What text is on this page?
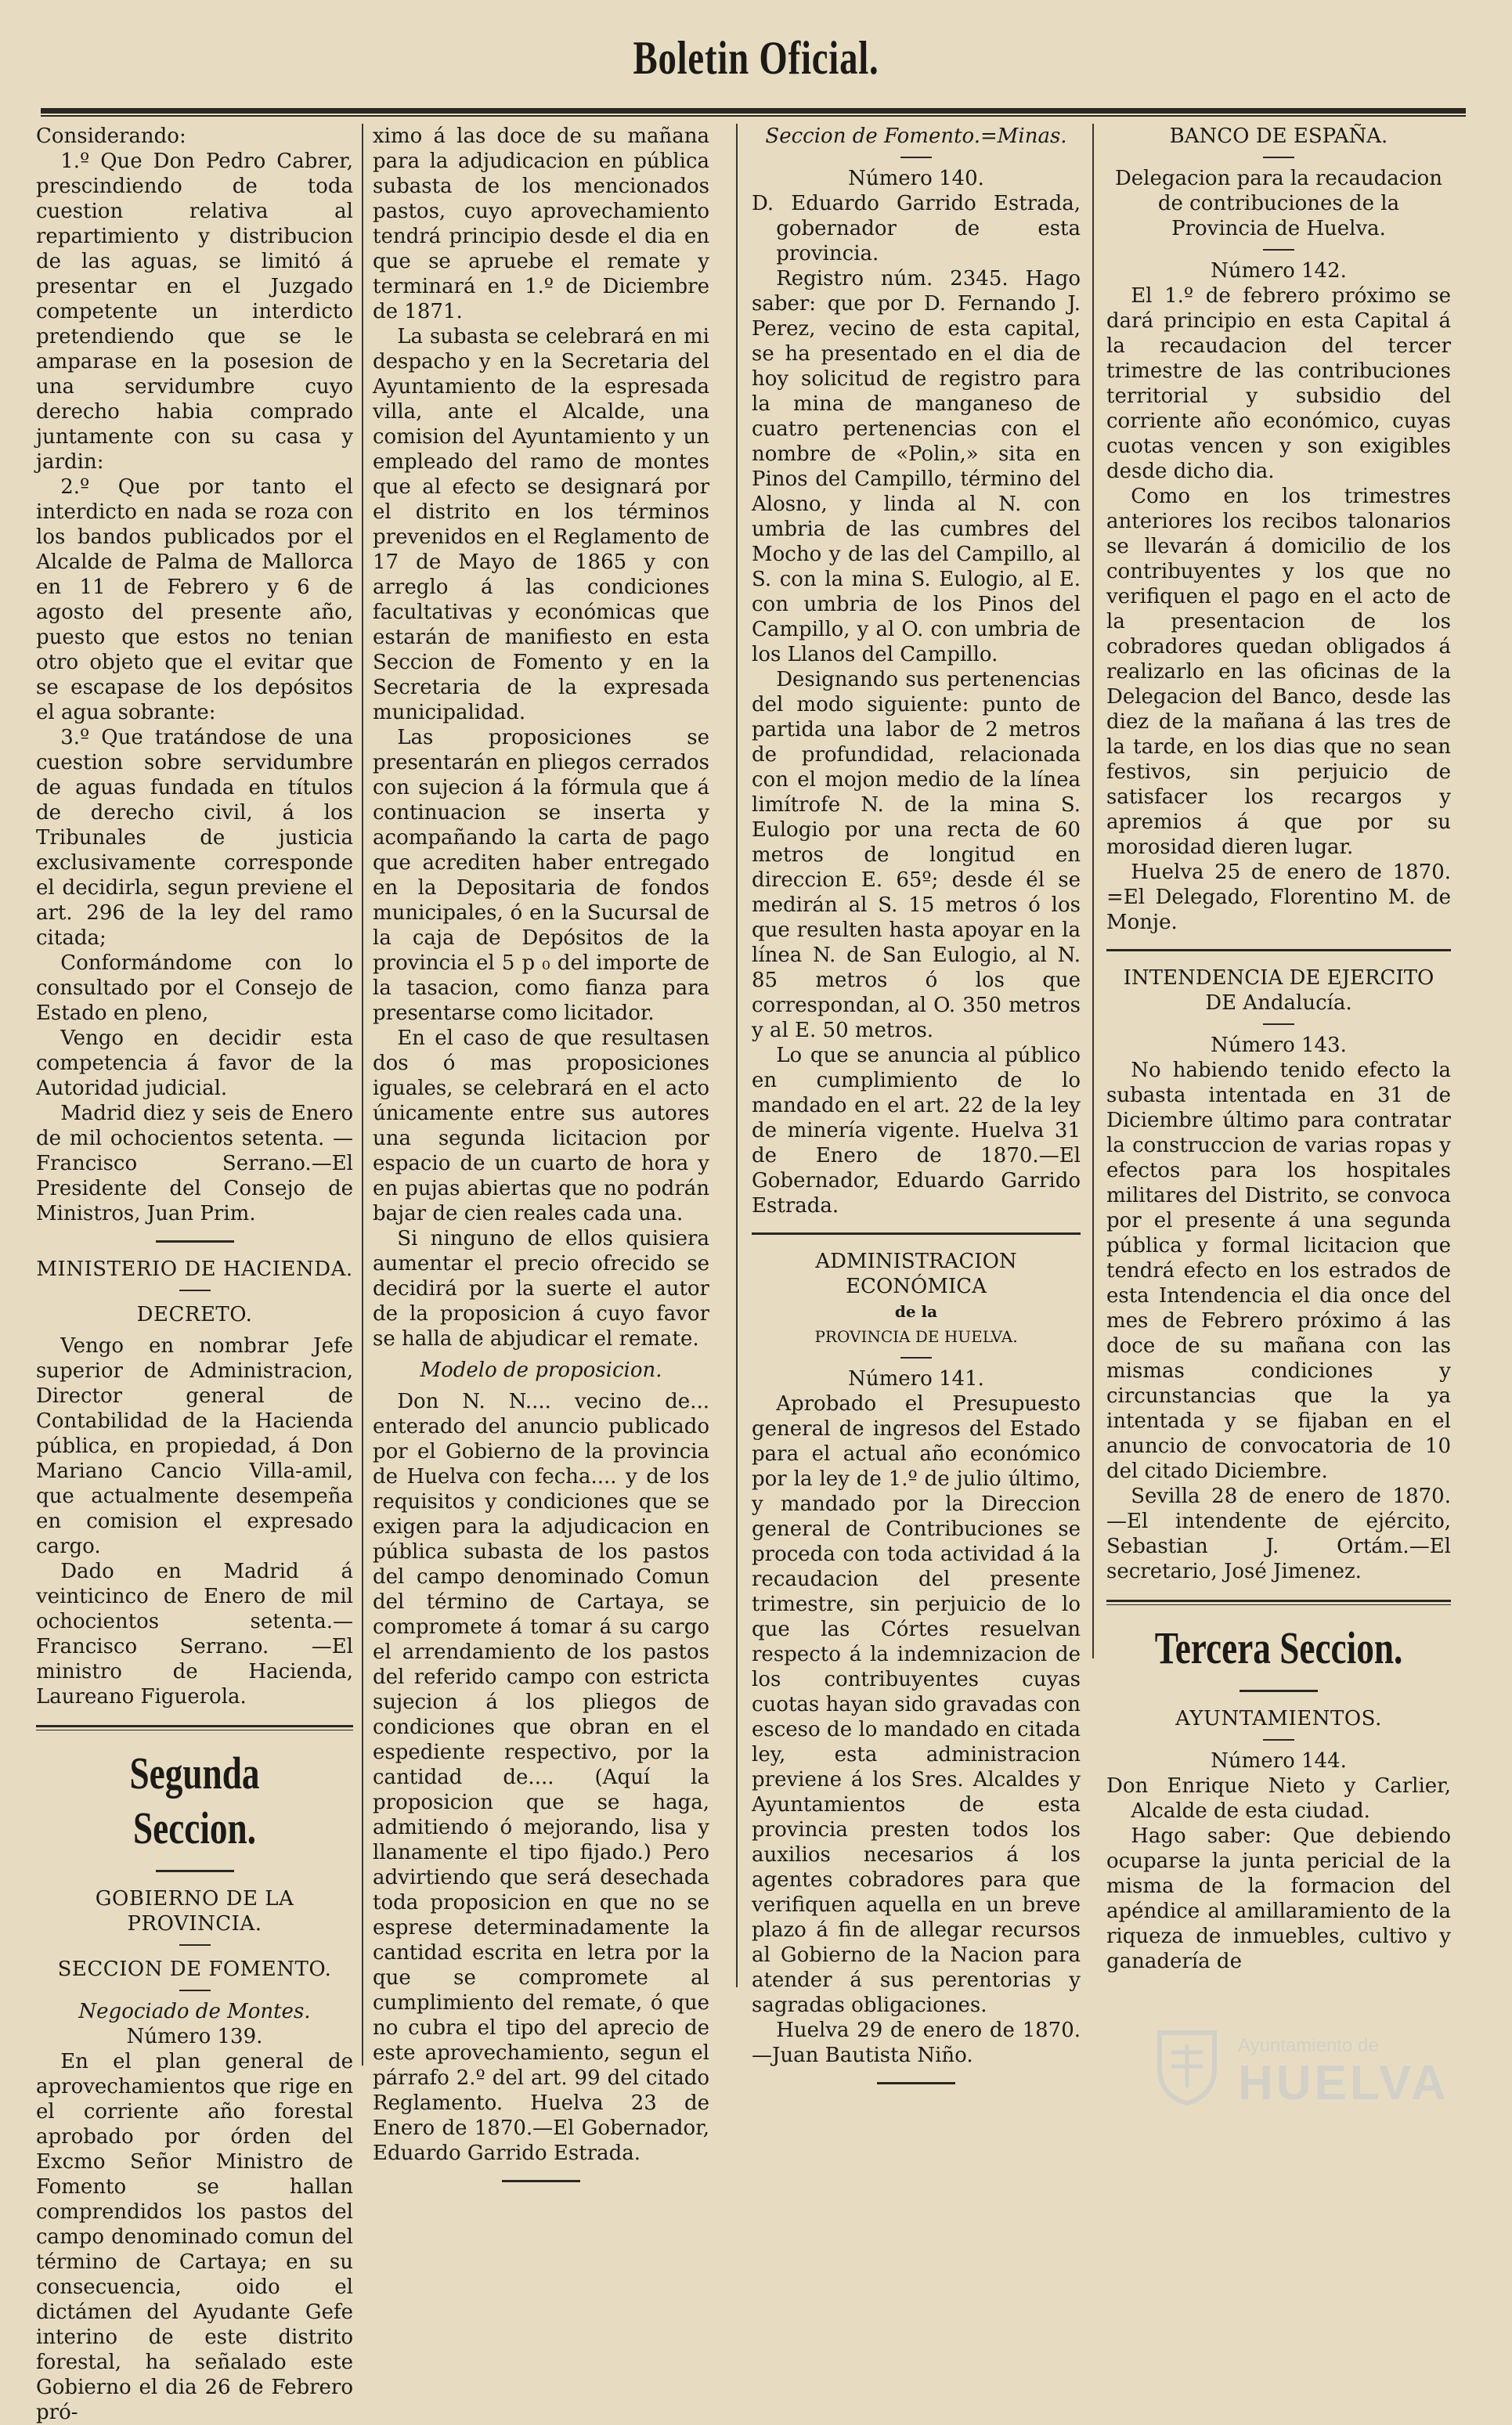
Boletin Oficial.

Considerando:

1.º Que Don Pedro Cabrer, prescindiendo de toda cuestion relativa al repartimiento y distribucion de las aguas, se limitó á presentar en el Juzgado competente un interdicto pretendiendo que se le amparase en la posesion de una servidumbre cuyo derecho habia comprado juntamente con su casa y jardin:

2.º Que por tanto el interdicto en nada se roza con los bandos publicados por el Alcalde de Palma de Mallorca en 11 de Febrero y 6 de agosto del presente año, puesto que estos no tenian otro objeto que el evitar que se escapase de los depósitos el agua sobrante:

3.º Que tratándose de una cuestion sobre servidumbre de aguas fundada en títulos de derecho civil, á los Tribunales de justicia exclusivamente corresponde el decidirla, segun previene el art. 296 de la ley del ramo citada;

Conformándome con lo consultado por el Consejo de Estado en pleno,

Vengo en decidir esta competencia á favor de la Autoridad judicial.

Madrid diez y seis de Enero de mil ochocientos setenta. —Francisco Serrano.—El Presidente del Consejo de Ministros, Juan Prim.

MINISTERIO DE HACIENDA.
DECRETO.

Vengo en nombrar Jefe superior de Administracion, Director general de Contabilidad de la Hacienda pública, en propiedad, á Don Mariano Cancio Villa-amil, que actualmente desempeña en comision el expresado cargo.

Dado en Madrid á veinticinco de Enero de mil ochocientos setenta.—Francisco Serrano. —El ministro de Hacienda, Laureano Figuerola.

Segunda Seccion.
GOBIERNO DE LA PROVINCIA.
SECCION DE FOMENTO.
Negociado de Montes.
Número 139.

En el plan general de aprovechamientos que rige en el corriente año forestal aprobado por órden del Excmo Señor Ministro de Fomento se hallan comprendidos los pastos del campo denominado comun del término de Cartaya; en su consecuencia, oido el dictámen del Ayudante Gefe interino de este distrito forestal, ha señalado este Gobierno el dia 26 de Febrero pró-

ximo á las doce de su mañana para la adjudicacion en pública subasta de los mencionados pastos, cuyo aprovechamiento tendrá principio desde el dia en que se apruebe el remate y terminará en 1.º de Diciembre de 1871.

La subasta se celebrará en mi despacho y en la Secretaria del Ayuntamiento de la espresada villa, ante el Alcalde, una comision del Ayuntamiento y un empleado del ramo de montes que al efecto se designará por el distrito en los términos prevenidos en el Reglamento de 17 de Mayo de 1865 y con arreglo á las condiciones facultativas y económicas que estarán de manifiesto en esta Seccion de Fomento y en la Secretaria de la expresada municipalidad.

Las proposiciones se presentarán en pliegos cerrados con sujecion á la fórmula que á continuacion se inserta y acompañando la carta de pago que acrediten haber entregado en la Depositaria de fondos municipales, ó en la Sucursal de la caja de Depósitos de la provincia el 5 p ₀ del importe de la tasacion, como fianza para presentarse como licitador.

En el caso de que resultasen dos ó mas proposiciones iguales, se celebrará en el acto únicamente entre sus autores una segunda licitacion por espacio de un cuarto de hora y en pujas abiertas que no podrán bajar de cien reales cada una.

Si ninguno de ellos quisiera aumentar el precio ofrecido se decidirá por la suerte el autor de la proposicion á cuyo favor se halla de abjudicar el remate.

Modelo de proposicion.

Don N. N.... vecino de... enterado del anuncio publicado por el Gobierno de la provincia de Huelva con fecha.... y de los requisitos y condiciones que se exigen para la adjudicacion en pública subasta de los pastos del campo denominado Comun del término de Cartaya, se compromete á tomar á su cargo el arrendamiento de los pastos del referido campo con estricta sujecion á los pliegos de condiciones que obran en el espediente respectivo, por la cantidad de.... (Aquí la proposicion que se haga, admitiendo ó mejorando, lisa y llanamente el tipo fijado.) Pero advirtiendo que será desechada toda proposicion en que no se esprese determinadamente la cantidad escrita en letra por la que se compromete al cumplimiento del remate, ó que no cubra el tipo del aprecio de este aprovechamiento, segun el párrafo 2.º del art. 99 del citado Reglamento. Huelva 23 de Enero de 1870.—El Gobernador, Eduardo Garrido Estrada.

Seccion de Fomento.=Minas.
Número 140.

D. Eduardo Garrido Estrada, gobernador de esta provincia.

Registro núm. 2345. Hago saber: que por D. Fernando J. Perez, vecino de esta capital, se ha presentado en el dia de hoy solicitud de registro para la mina de manganeso de cuatro pertenencias con el nombre de «Polin,» sita en Pinos del Campillo, término del Alosno, y linda al N. con umbria de las cumbres del Mocho y de las del Campillo, al S. con la mina S. Eulogio, al E. con umbria de los Pinos del Campillo, y al O. con umbria de los Llanos del Campillo.

Designando sus pertenencias del modo siguiente: punto de partida una labor de 2 metros de profundidad, relacionada con el mojon medio de la línea limítrofe N. de la mina S. Eulogio por una recta de 60 metros de longitud en direccion E. 65º; desde él se medirán al S. 15 metros ó los que resulten hasta apoyar en la línea N. de San Eulogio, al N. 85 metros ó los que correspondan, al O. 350 metros y al E. 50 metros.

Lo que se anuncia al público en cumplimiento de lo mandado en el art. 22 de la ley de minería vigente. Huelva 31 de Enero de 1870.—El Gobernador, Eduardo Garrido Estrada.

ADMINISTRACION ECONÓMICA
de la
PROVINCIA DE HUELVA.
Número 141.

Aprobado el Presupuesto general de ingresos del Estado para el actual año económico por la ley de 1.º de julio último, y mandado por la Direccion general de Contribuciones se proceda con toda actividad á la recaudacion del presente trimestre, sin perjuicio de lo que las Córtes resuelvan respecto á la indemnizacion de los contribuyentes cuyas cuotas hayan sido gravadas con esceso de lo mandado en citada ley, esta administracion previene á los Sres. Alcaldes y Ayuntamientos de esta provincia presten todos los auxilios necesarios á los agentes cobradores para que verifiquen aquella en un breve plazo á fin de allegar recursos al Gobierno de la Nacion para atender á sus perentorias y sagradas obligaciones.

Huelva 29 de enero de 1870. —Juan Bautista Niño.

BANCO DE ESPAÑA.
Delegacion para la recaudacion de contribuciones de la Provincia de Huelva.
Número 142.

El 1.º de febrero próximo se dará principio en esta Capital á la recaudacion del tercer trimestre de las contribuciones territorial y subsidio del corriente año económico, cuyas cuotas vencen y son exigibles desde dicho dia.

Como en los trimestres anteriores los recibos talonarios se llevarán á domicilio de los contribuyentes y los que no verifiquen el pago en el acto de la presentacion de los cobradores quedan obligados á realizarlo en las oficinas de la Delegacion del Banco, desde las diez de la mañana á las tres de la tarde, en los dias que no sean festivos, sin perjuicio de satisfacer los recargos y apremios á que por su morosidad dieren lugar.

Huelva 25 de enero de 1870. =El Delegado, Florentino M. de Monje.

INTENDENCIA DE EJERCITO DE Andalucía.
Número 143.

No habiendo tenido efecto la subasta intentada en 31 de Diciembre último para contratar la construccion de varias ropas y efectos para los hospitales militares del Distrito, se convoca por el presente á una segunda pública y formal licitacion que tendrá efecto en los estrados de esta Intendencia el dia once del mes de Febrero próximo á las doce de su mañana con las mismas condiciones y circunstancias que la ya intentada y se fijaban en el anuncio de convocatoria de 10 del citado Diciembre.

Sevilla 28 de enero de 1870. —El intendente de ejército, Sebastian J. Ortám.—El secretario, José Jimenez.

Tercera Seccion.
AYUNTAMIENTOS.
Número 144.

Don Enrique Nieto y Carlier, Alcalde de esta ciudad.

Hago saber: Que debiendo ocuparse la junta pericial de la misma de la formacion del apéndice al amillaramiento de la riqueza de inmuebles, cultivo y ganadería de

Ayuntamiento de
HUELVA
